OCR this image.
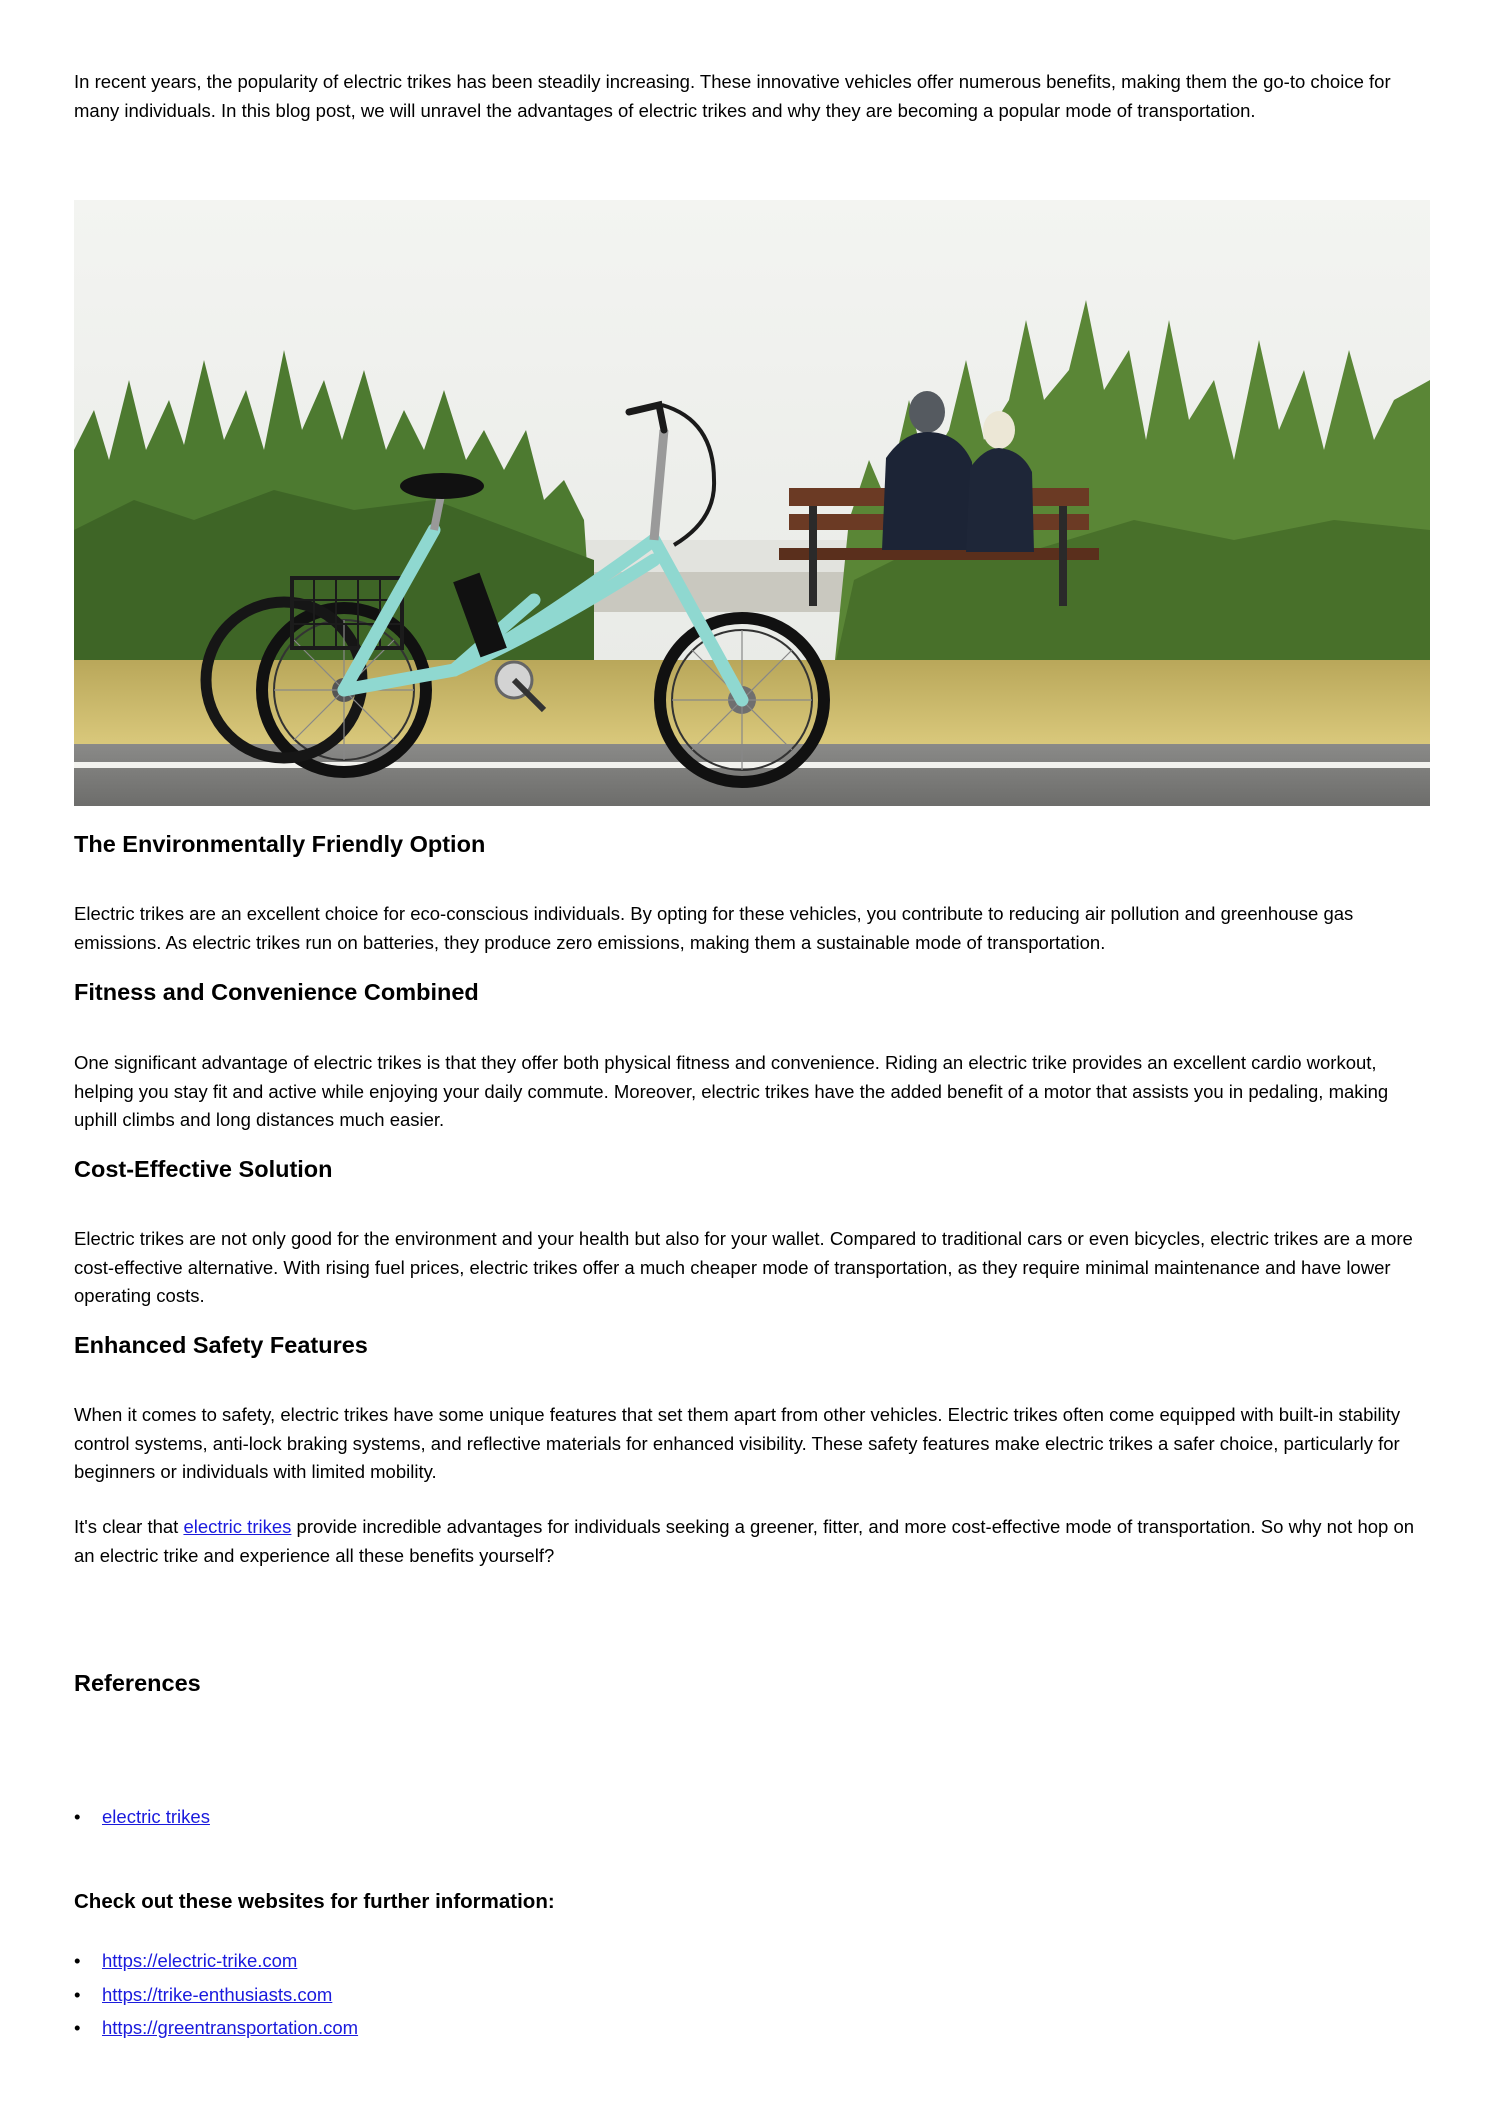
In recent years, the popularity of electric trikes has been steadily increasing. These innovative vehicles offer numerous benefits, making them the go-to choice for many individuals. In this blog post, we will unravel the advantages of electric trikes and why they are becoming a popular mode of transportation.

The Environmentally Friendly Option

Electric trikes are an excellent choice for eco-conscious individuals. By opting for these vehicles, you contribute to reducing air pollution and greenhouse gas emissions. As electric trikes run on batteries, they produce zero emissions, making them a sustainable mode of transportation.

Fitness and Convenience Combined

One significant advantage of electric trikes is that they offer both physical fitness and convenience. Riding an electric trike provides an excellent cardio workout, helping you stay fit and active while enjoying your daily commute. Moreover, electric trikes have the added benefit of a motor that assists you in pedaling, making uphill climbs and long distances much easier.

Cost-Effective Solution

Electric trikes are not only good for the environment and your health but also for your wallet. Compared to traditional cars or even bicycles, electric trikes are a more cost-effective alternative. With rising fuel prices, electric trikes offer a much cheaper mode of transportation, as they require minimal maintenance and have lower operating costs.

Enhanced Safety Features

When it comes to safety, electric trikes have some unique features that set them apart from other vehicles. Electric trikes often come equipped with built-in stability control systems, anti-lock braking systems, and reflective materials for enhanced visibility. These safety features make electric trikes a safer choice, particularly for beginners or individuals with limited mobility.

It's clear that electric trikes provide incredible advantages for individuals seeking a greener, fitter, and more cost-effective mode of transportation. So why not hop on an electric trike and experience all these benefits yourself?

References
• electric trikes
Check out these websites for further information:
• https://electric-trike.com
• https://trike-enthusiasts.com
• https://greentransportation.com
